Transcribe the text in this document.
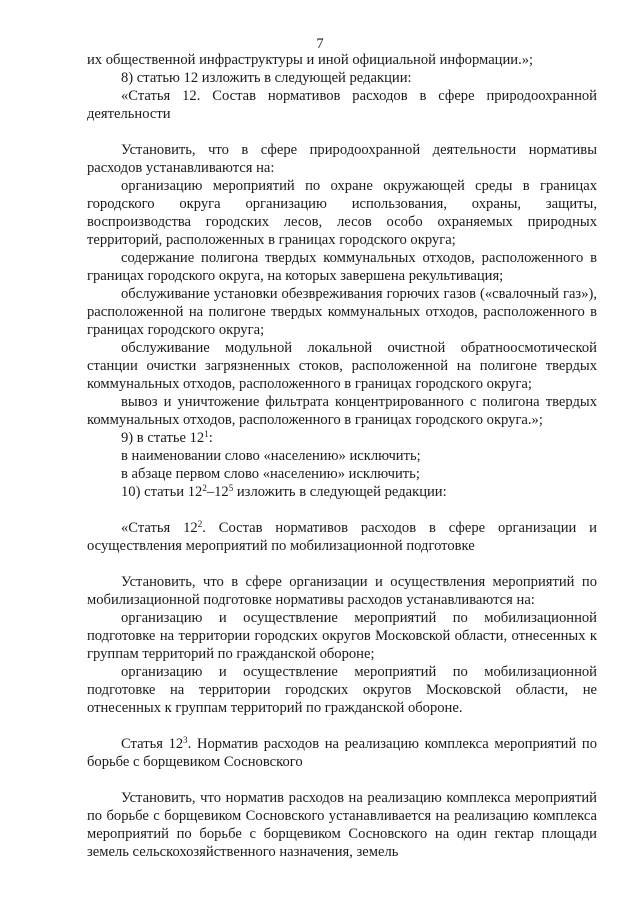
7

их общественной инфраструктуры и иной официальной информации.»;

8) статью 12 изложить в следующей редакции:

«Статья 12. Состав нормативов расходов в сфере природоохранной деятельности

Установить, что в сфере природоохранной деятельности нормативы расходов устанавливаются на:

организацию мероприятий по охране окружающей среды в границах городского округа организацию использования, охраны, защиты, воспроизводства городских лесов, лесов особо охраняемых природных территорий, расположенных в границах городского округа;

содержание полигона твердых коммунальных отходов, расположенного в границах городского округа, на которых завершена рекультивация;

обслуживание установки обезвреживания горючих газов («свалочный газ»), расположенной на полигоне твердых коммунальных отходов, расположенного в границах городского округа;

обслуживание модульной локальной очистной обратноосмотической станции очистки загрязненных стоков, расположенной на полигоне твердых коммунальных отходов, расположенного в границах городского округа;

вывоз и уничтожение фильтрата концентрированного с полигона твердых коммунальных отходов, расположенного в границах городского округа.»;

9) в статье $12^1$:

в наименовании слово «населению» исключить;

в абзаце первом слово «населению» исключить;

10) статьи $12^2-12^5$ изложить в следующей редакции:

«Статья $12^2$. Состав нормативов расходов в сфере организации и осуществления мероприятий по мобилизационной подготовке

Установить, что в сфере организации и осуществления мероприятий по мобилизационной подготовке нормативы расходов устанавливаются на:

организацию и осуществление мероприятий по мобилизационной подготовке на территории городских округов Московской области, отнесенных к группам территорий по гражданской обороне;

организацию и осуществление мероприятий по мобилизационной подготовке на территории городских округов Московской области, не отнесенных к группам территорий по гражданской обороне.

Статья $12^3$. Норматив расходов на реализацию комплекса мероприятий по борьбе с борщевиком Сосновского

Установить, что норматив расходов на реализацию комплекса мероприятий по борьбе с борщевиком Сосновского устанавливается на реализацию комплекса мероприятий по борьбе с борщевиком Сосновского на один гектар площади земель сельскохозяйственного назначения, земель
